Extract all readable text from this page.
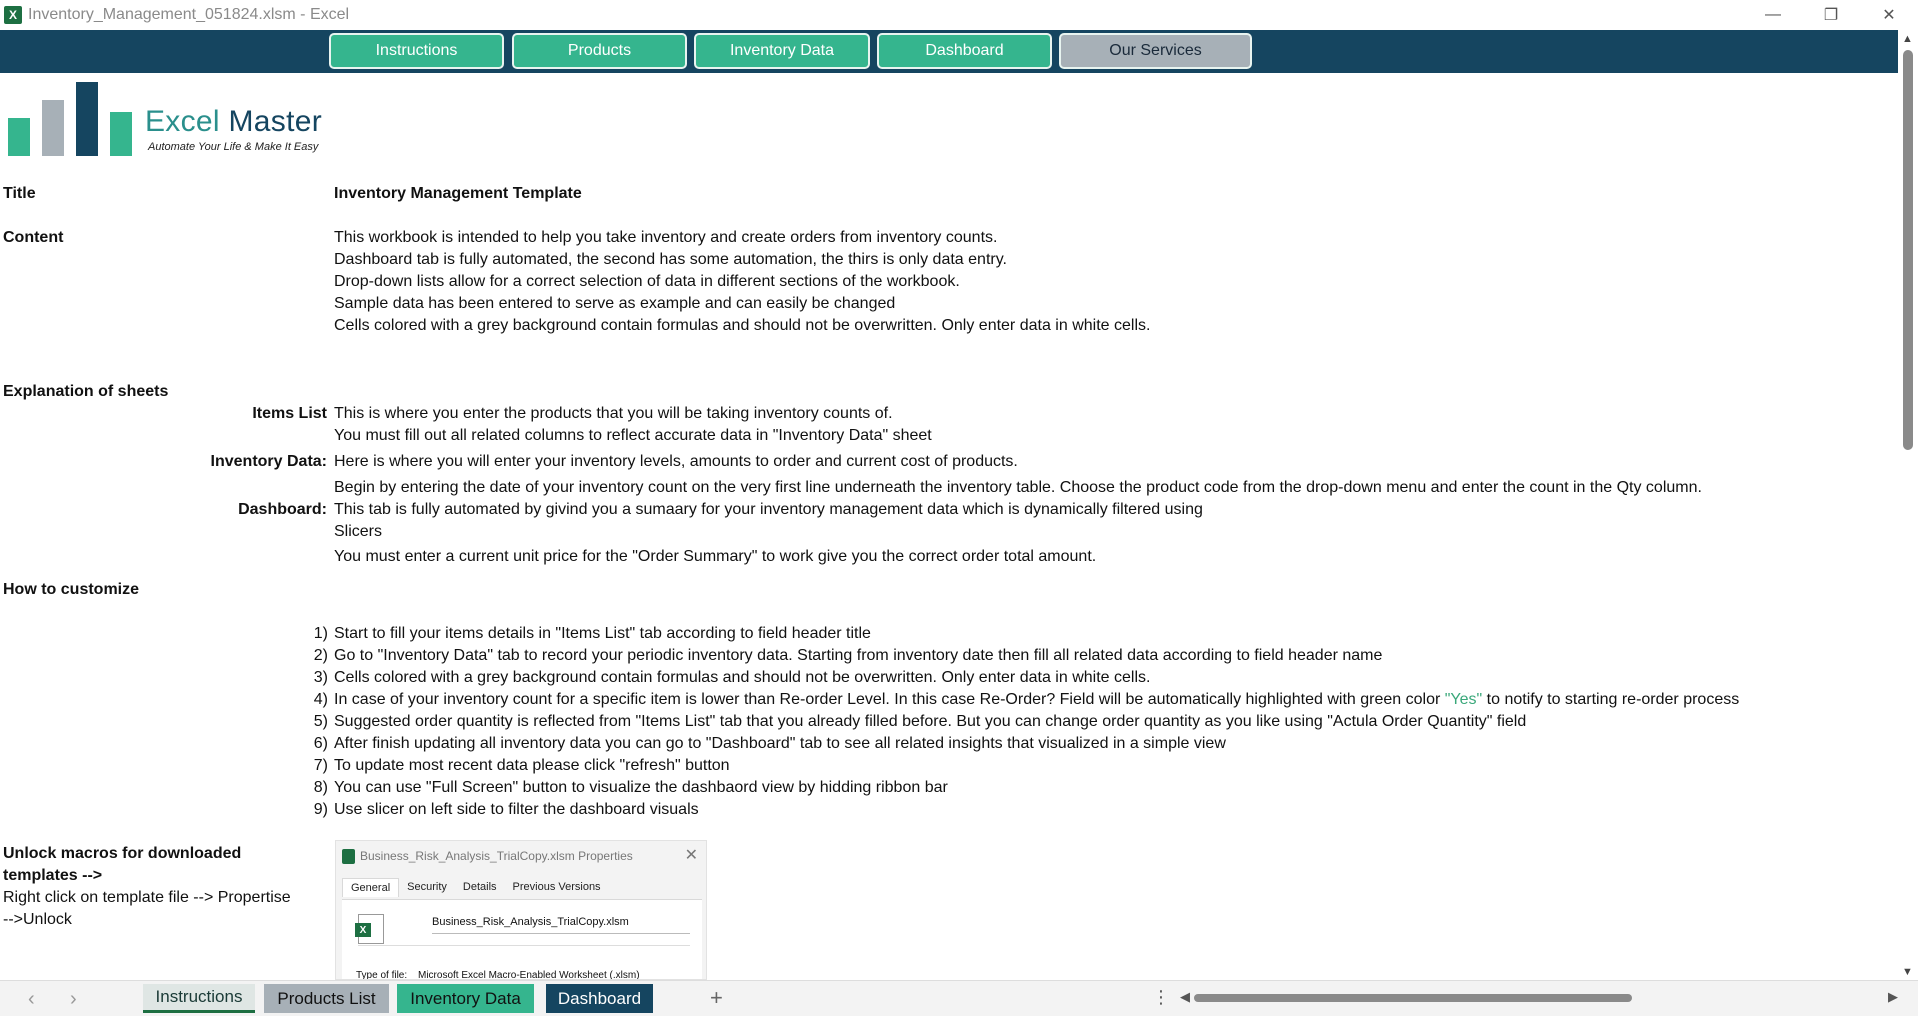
X Inventory_Management_051824.xlsm - Excel	—	❐	✕
Instructions	Products	Inventory Data	Dashboard	Our Services
Excel Master
Automate Your Life & Make It Easy
Title	Inventory Management Template
Content	This workbook is intended to help you take inventory and create orders from inventory counts.
Dashboard tab is fully automated, the second has some automation, the thirs is only data entry.
Drop-down lists allow for a correct selection of data in different sections of the workbook.
Sample data has been entered to serve as example and can easily be changed
Cells colored with a grey background contain formulas and should not be overwritten. Only enter data in white cells.
Explanation of sheets
Items List This is where you enter the products that you will be taking inventory counts of.
You must fill out all related columns to reflect accurate data in "Inventory Data" sheet
Inventory Data: Here is where you will enter your inventory levels, amounts to order and current cost of products.
Begin by entering the date of your inventory count on the very first line underneath the inventory table. Choose the product code from the drop-down menu and enter the count in the Qty column.
Dashboard: This tab is fully automated by givind you a sumaary for your inventory management data which is dynamically filtered using
Slicers
You must enter a current unit price for the "Order Summary" to work give you the correct order total amount.
How to customize
1) Start to fill your items details in "Items List" tab according to field header title
2) Go to "Inventory Data" tab to record your periodic inventory data. Starting from inventory date then fill all related data according to field header name
3) Cells colored with a grey background contain formulas and should not be overwritten. Only enter data in white cells.
4) In case of your inventory count for a specific item is lower than Re-order Level. In this case Re-Order? Field will be automatically highlighted with green color "Yes" to notify to starting re-order process
5) Suggested order quantity is reflected from "Items List" tab that you already filled before. But you can change order quantity as you like using "Actula Order Quantity" field
6) After finish updating all inventory data you can go to "Dashboard" tab to see all related insights that visualized in a simple view
7) To update most recent data please click "refresh" button
8) You can use "Full Screen" button to visualize the dashbaord view by hidding ribbon bar
9) Use slicer on left side to filter the dashboard visuals
Unlock macros for downloaded
templates -->
Right click on template file --> Propertise
-->Unlock
Business_Risk_Analysis_TrialCopy.xlsm Properties	✕
General	Security	Details	Previous Versions
X
Business_Risk_Analysis_TrialCopy.xlsm
Type of file: Microsoft Excel Macro-Enabled Worksheet (.xlsm)
▲
▼
‹ ›	Instructions	Products List	Inventory Data	Dashboard	+	⋮ ◀	▶
